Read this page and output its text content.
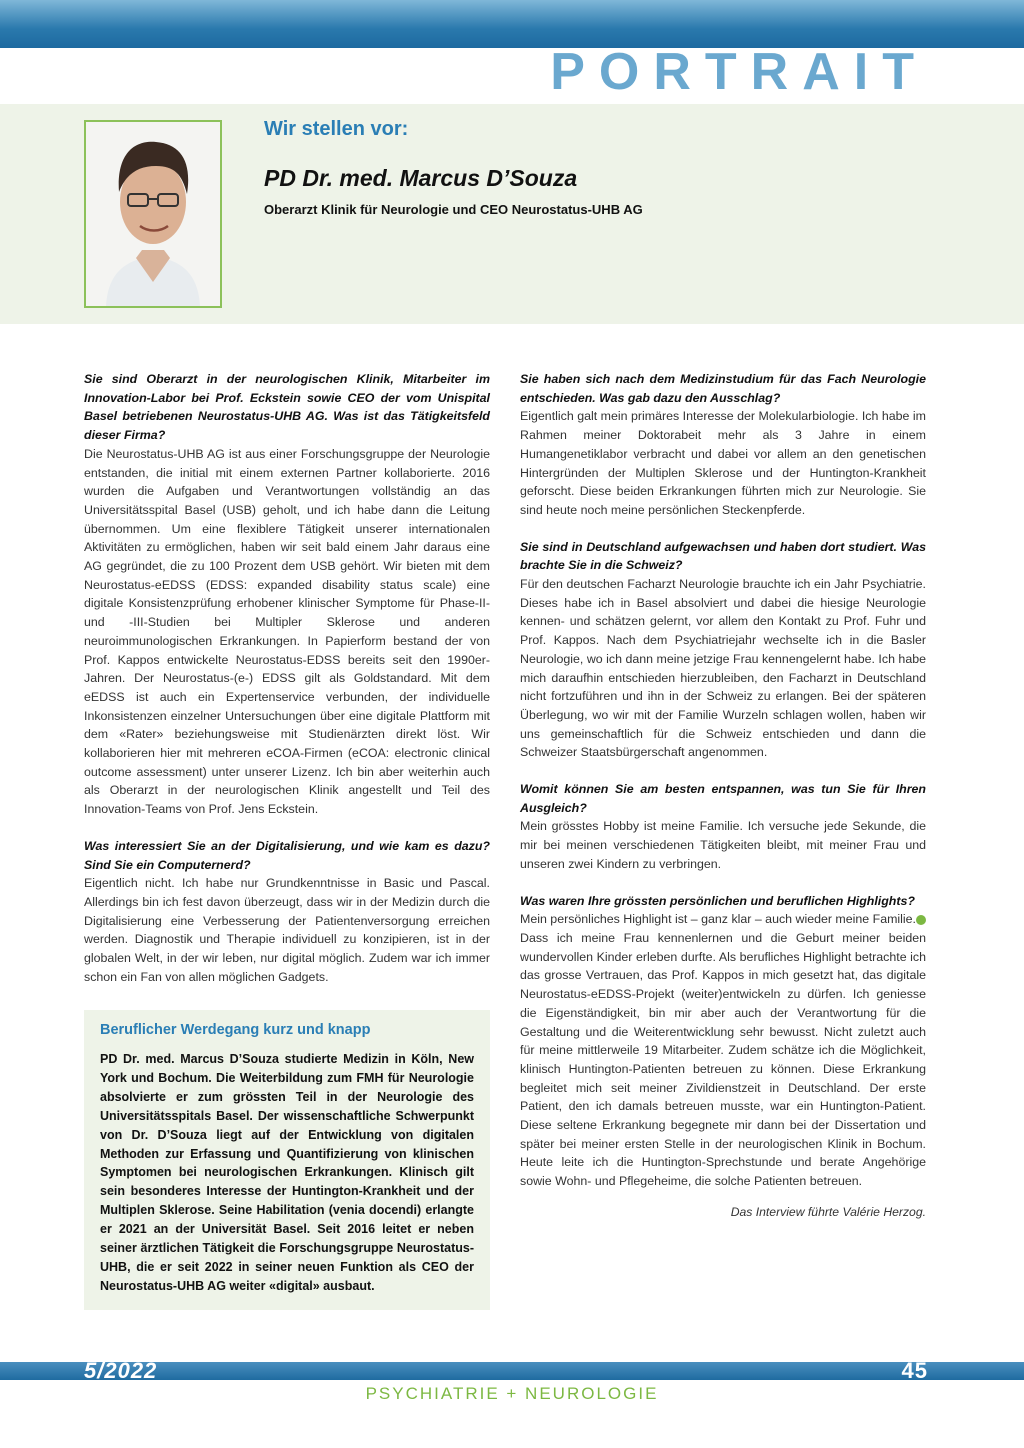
PORTRAIT
Wir stellen vor:
PD Dr. med. Marcus D’Souza
Oberarzt Klinik für Neurologie und CEO Neurostatus-UHB AG

Sie sind Oberarzt in der neurologischen Klinik, Mitarbeiter im Innovation-Labor bei Prof. Eckstein sowie CEO der vom Unispital Basel betriebenen Neurostatus-UHB AG. Was ist das Tätigkeitsfeld dieser Firma?

Die Neurostatus-UHB AG ist aus einer Forschungsgruppe der Neurologie entstanden, die initial mit einem externen Partner kollaborierte. 2016 wurden die Aufgaben und Verantwortungen vollständig an das Universitätsspital Basel (USB) geholt, und ich habe dann die Leitung übernommen. Um eine flexiblere Tätigkeit unserer internationalen Aktivitäten zu ermöglichen, haben wir seit bald einem Jahr daraus eine AG gegründet, die zu 100 Prozent dem USB gehört. Wir bieten mit dem Neurostatus-eEDSS (EDSS: expanded disability status scale) eine digitale Konsistenzprüfung erhobener klinischer Symptome für Phase-II- und -III-Studien bei Multipler Sklerose und anderen neuroimmunologischen Erkrankungen. In Papierform bestand der von Prof. Kappos entwickelte Neurostatus-EDSS bereits seit den 1990er-Jahren. Der Neurostatus-(e-) EDSS gilt als Goldstandard. Mit dem eEDSS ist auch ein Expertenservice verbunden, der individuelle Inkonsistenzen einzelner Untersuchungen über eine digitale Plattform mit dem «Rater» beziehungsweise mit Studienärzten direkt löst. Wir kollaborieren hier mit mehreren eCOA-Firmen (eCOA: electronic clinical outcome assessment) unter unserer Lizenz. Ich bin aber weiterhin auch als Oberarzt in der neurologischen Klinik angestellt und Teil des Innovation-Teams von Prof. Jens Eckstein.

Was interessiert Sie an der Digitalisierung, und wie kam es dazu? Sind Sie ein Computernerd?

Eigentlich nicht. Ich habe nur Grundkenntnisse in Basic und Pascal. Allerdings bin ich fest davon überzeugt, dass wir in der Medizin durch die Digitalisierung eine Verbesserung der Patientenversorgung erreichen werden. Diagnostik und Therapie individuell zu konzipieren, ist in der globalen Welt, in der wir leben, nur digital möglich. Zudem war ich immer schon ein Fan von allen möglichen Gadgets.

Beruflicher Werdegang kurz und knapp

PD Dr. med. Marcus D’Souza studierte Medizin in Köln, New York und Bochum. Die Weiterbildung zum FMH für Neurologie absolvierte er zum grössten Teil in der Neurologie des Universitätsspitals Basel. Der wissenschaftliche Schwerpunkt von Dr. D’Souza liegt auf der Entwicklung von digitalen Methoden zur Erfassung und Quantifizierung von klinischen Symptomen bei neurologischen Erkrankungen. Klinisch gilt sein besonderes Interesse der Huntington-Krankheit und der Multiplen Sklerose. Seine Habilitation (venia docendi) erlangte er 2021 an der Universität Basel. Seit 2016 leitet er neben seiner ärztlichen Tätigkeit die Forschungsgruppe Neurostatus-UHB, die er seit 2022 in seiner neuen Funktion als CEO der Neurostatus-UHB AG weiter «digital» ausbaut.

Sie haben sich nach dem Medizinstudium für das Fach Neurologie entschieden. Was gab dazu den Ausschlag?

Eigentlich galt mein primäres Interesse der Molekularbiologie. Ich habe im Rahmen meiner Doktorabeit mehr als 3 Jahre in einem Humangenetiklabor verbracht und dabei vor allem an den genetischen Hintergründen der Multiplen Sklerose und der Huntington-Krankheit geforscht. Diese beiden Erkrankungen führten mich zur Neurologie. Sie sind heute noch meine persönlichen Steckenpferde.

Sie sind in Deutschland aufgewachsen und haben dort studiert. Was brachte Sie in die Schweiz?

Für den deutschen Facharzt Neurologie brauchte ich ein Jahr Psychiatrie. Dieses habe ich in Basel absolviert und dabei die hiesige Neurologie kennen- und schätzen gelernt, vor allem den Kontakt zu Prof. Fuhr und Prof. Kappos. Nach dem Psychiatriejahr wechselte ich in die Basler Neurologie, wo ich dann meine jetzige Frau kennengelernt habe. Ich habe mich daraufhin entschieden hierzubleiben, den Facharzt in Deutschland nicht fortzuführen und ihn in der Schweiz zu erlangen. Bei der späteren Überlegung, wo wir mit der Familie Wurzeln schlagen wollen, haben wir uns gemeinschaftlich für die Schweiz entschieden und dann die Schweizer Staatsbürgerschaft angenommen.

Womit können Sie am besten entspannen, was tun Sie für Ihren Ausgleich?

Mein grösstes Hobby ist meine Familie. Ich versuche jede Sekunde, die mir bei meinen verschiedenen Tätigkeiten bleibt, mit meiner Frau und unseren zwei Kindern zu verbringen.

Was waren Ihre grössten persönlichen und beruflichen Highlights?

Mein persönliches Highlight ist – ganz klar – auch wieder meine Familie. Dass ich meine Frau kennenlernen und die Geburt meiner beiden wundervollen Kinder erleben durfte. Als berufliches Highlight betrachte ich das grosse Vertrauen, das Prof. Kappos in mich gesetzt hat, das digitale Neurostatus-eEDSS-Projekt (weiter)entwickeln zu dürfen. Ich geniesse die Eigenständigkeit, bin mir aber auch der Verantwortung für die Gestaltung und die Weiterentwicklung sehr bewusst. Nicht zuletzt auch für meine mittlerweile 19 Mitarbeiter. Zudem schätze ich die Möglichkeit, klinisch Huntington-Patienten betreuen zu können. Diese Erkrankung begleitet mich seit meiner Zivildienstzeit in Deutschland. Der erste Patient, den ich damals betreuen musste, war ein Huntington-Patient. Diese seltene Erkrankung begegnete mir dann bei der Dissertation und später bei meiner ersten Stelle in der neurologischen Klinik in Bochum. Heute leite ich die Huntington-Sprechstunde und berate Angehörige sowie Wohn- und Pflegeheime, die solche Patienten betreuen.

Das Interview führte Valérie Herzog.
5/2022	45
PSYCHIATRIE + NEUROLOGIE
